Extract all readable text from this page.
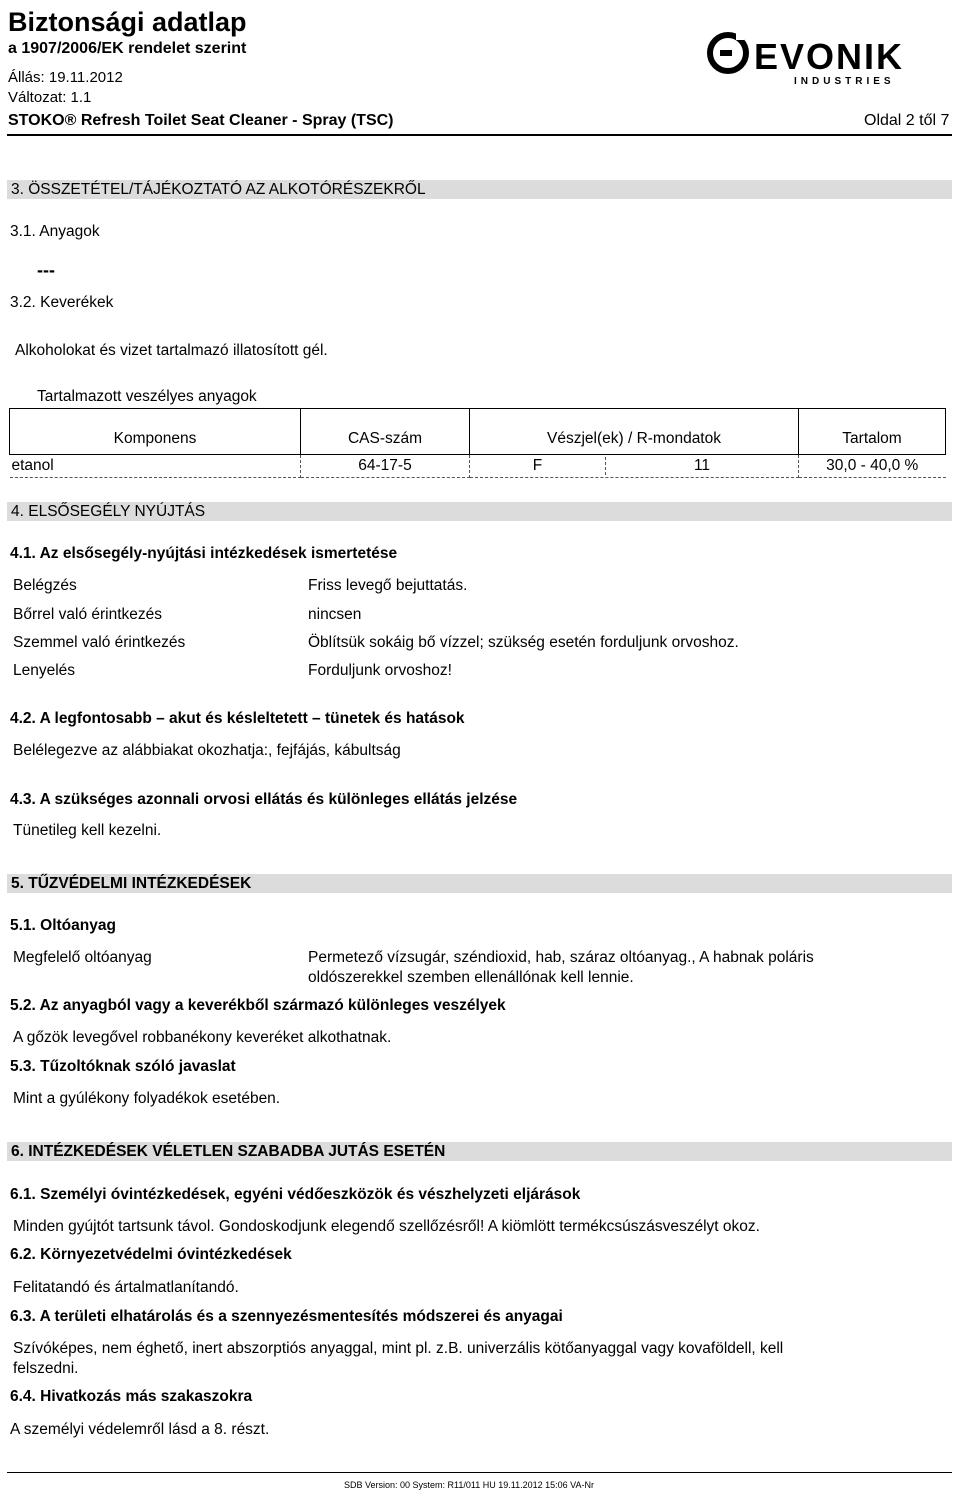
Biztonsági adatlap
a 1907/2006/EK rendelet szerint
Állás: 19.11.2012
Változat: 1.1
EVONIK
INDUSTRIES
STOKO® Refresh Toilet Seat Cleaner - Spray (TSC)	Oldal 2 től 7
3. ÖSSZETÉTEL/TÁJÉKOZTATÓ AZ ALKOTÓRÉSZEKRŐL
3.1. Anyagok
---
3.2. Keverékek
Alkoholokat és vizet tartalmazó illatosított gél.
Tartalmazott veszélyes anyagok
Komponens	CAS-szám	Vészjel(ek) / R-mondatok	Tartalom
etanol	64-17-5	F 11	30,0 - 40,0 %
4. ELSŐSEGÉLY NYÚJTÁS
4.1. Az elsősegély-nyújtási intézkedések ismertetése
Belégzés	Friss levegő bejuttatás.
Bőrrel való érintkezés	nincsen
Szemmel való érintkezés	Öblítsük sokáig bő vízzel; szükség esetén forduljunk orvoshoz.
Lenyelés	Forduljunk orvoshoz!
4.2. A legfontosabb – akut és késleltetett – tünetek és hatások
Belélegezve az alábbiakat okozhatja:, fejfájás, kábultság
4.3. A szükséges azonnali orvosi ellátás és különleges ellátás jelzése
Tünetileg kell kezelni.
5. TŰZVÉDELMI INTÉZKEDÉSEK
5.1. Oltóanyag
Megfelelő oltóanyag	Permetező vízsugár, széndioxid, hab, száraz oltóanyag., A habnak poláris
oldószerekkel szemben ellenállónak kell lennie.
5.2. Az anyagból vagy a keverékből származó különleges veszélyek
A gőzök levegővel robbanékony keveréket alkothatnak.
5.3. Tűzoltóknak szóló javaslat
Mint a gyúlékony folyadékok esetében.
6. INTÉZKEDÉSEK VÉLETLEN SZABADBA JUTÁS ESETÉN
6.1. Személyi óvintézkedések, egyéni védőeszközök és vészhelyzeti eljárások
Minden gyújtót tartsunk távol. Gondoskodjunk elegendő szellőzésről! A kiömlött termékcsúszásveszélyt okoz.
6.2. Környezetvédelmi óvintézkedések
Felitatandó és ártalmatlanítandó.
6.3. A területi elhatárolás és a szennyezésmentesítés módszerei és anyagai
Szívóképes, nem éghető, inert abszorptiós anyaggal, mint pl. z.B. univerzális kötőanyaggal vagy kovaföldell, kell
felszedni.
6.4. Hivatkozás más szakaszokra
A személyi védelemről lásd a 8. részt.
SDB Version: 00 System: R11/011 HU 19.11.2012 15:06 VA-Nr
